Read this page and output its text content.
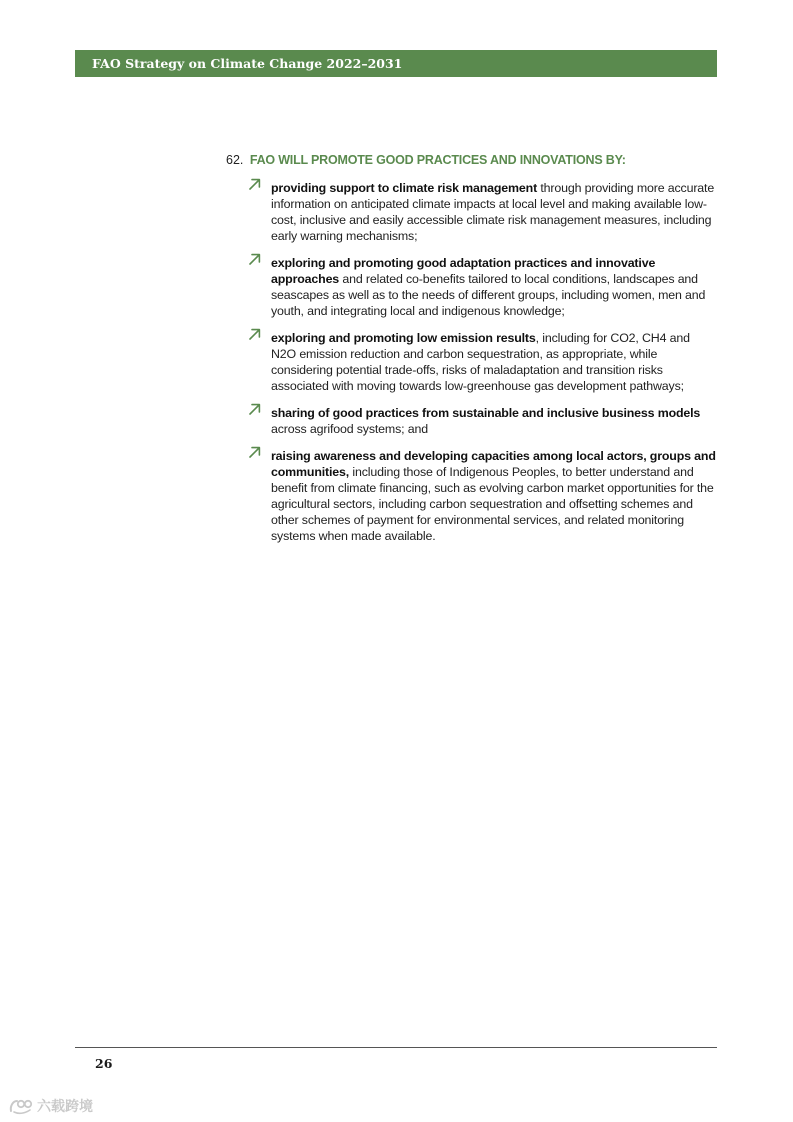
FAO Strategy on Climate Change 2022–2031
62. FAO WILL PROMOTE GOOD PRACTICES AND INNOVATIONS BY:
providing support to climate risk management through providing more accurate information on anticipated climate impacts at local level and making available low-cost, inclusive and easily accessible climate risk management measures, including early warning mechanisms;
exploring and promoting good adaptation practices and innovative approaches and related co-benefits tailored to local conditions, landscapes and seascapes as well as to the needs of different groups, including women, men and youth, and integrating local and indigenous knowledge;
exploring and promoting low emission results, including for CO2, CH4 and N2O emission reduction and carbon sequestration, as appropriate, while considering potential trade-offs, risks of maladaptation and transition risks associated with moving towards low-greenhouse gas development pathways;
sharing of good practices from sustainable and inclusive business models across agrifood systems; and
raising awareness and developing capacities among local actors, groups and communities, including those of Indigenous Peoples, to better understand and benefit from climate financing, such as evolving carbon market opportunities for the agricultural sectors, including carbon sequestration and offsetting schemes and other schemes of payment for environmental services, and related monitoring systems when made available.
26
六载跨境
